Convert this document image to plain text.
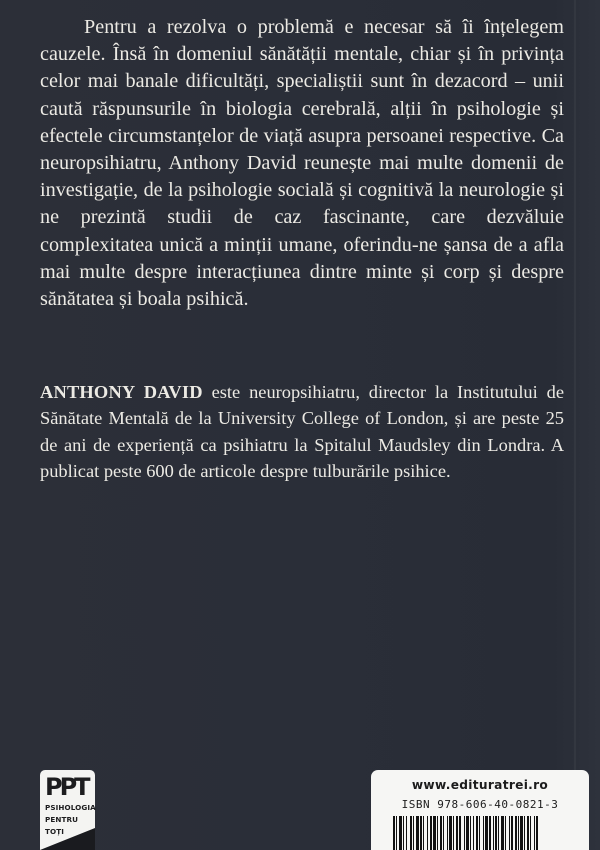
Pentru a rezolva o problemă e necesar să îi înțelegem cauzele. Însă în domeniul sănătății mentale, chiar și în privința celor mai banale dificultăți, specialiștii sunt în dezacord – unii caută răspunsurile în biologia cerebrală, alții în psihologie și efectele circumstanțelor de viață asupra persoanei respective. Ca neuropsihiatru, Anthony David reunește mai multe domenii de investigație, de la psihologie socială și cognitivă la neurologie și ne prezintă studii de caz fascinante, care dezvăluie complexitatea unică a minții umane, oferindu-ne șansa de a afla mai multe despre interacțiunea dintre minte și corp și despre sănătatea și boala psihică.

ANTHONY DAVID este neuropsihiatru, director la Institutului de Sănătate Mentală de la University College of London, și are peste 25 de ani de experiență ca psihiatru la Spitalul Maudsley din Londra. A publicat peste 600 de articole despre tulburările psihice.

PPT
PSIHOLOGIA
PENTRU
TOȚI
www.edituratrei.ro
ISBN 978-606-40-0821-3
